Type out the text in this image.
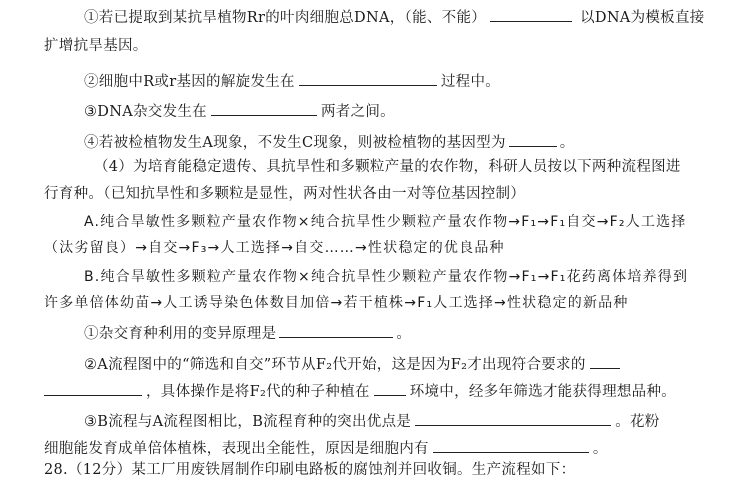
①若已提取到某抗旱植物Rr的叶肉细胞总DNA，（能、不能）	以DNA为模板直接
扩增抗旱基因。
②细胞中R或r基因的解旋发生在	过程中。
③DNA杂交发生在	两者之间。
④若被检植物发生A现象，不发生C现象，则被检植物的基因型为	。
（4）为培育能稳定遗传、具抗旱性和多颗粒产量的农作物，科研人员按以下两种流程图进
行育种。（已知抗旱性和多颗粒是显性，两对性状各由一对等位基因控制）
A.纯合旱敏性多颗粒产量农作物×纯合抗旱性少颗粒产量农作物→F₁→F₁自交→F₂人工选择
（汰劣留良）→自交→F₃→人工选择→自交……→性状稳定的优良品种
B.纯合旱敏性多颗粒产量农作物×纯合抗旱性少颗粒产量农作物→F₁→F₁花药离体培养得到
许多单倍体幼苗→人工诱导染色体数目加倍→若干植株→F₁人工选择→性状稳定的新品种
①杂交育种利用的变异原理是	。
②A流程图中的“筛选和自交”环节从F₂代开始，这是因为F₂才出现符合要求的
，具体操作是将F₂代的种子种植在	环境中，经多年筛选才能获得理想品种。
③B流程与A流程图相比，B流程育种的突出优点是	。花粉
细胞能发育成单倍体植株，表现出全能性，原因是细胞内有	。
28.（12分）某工厂用废铁屑制作印刷电路板的腐蚀剂并回收铜。生产流程如下：
